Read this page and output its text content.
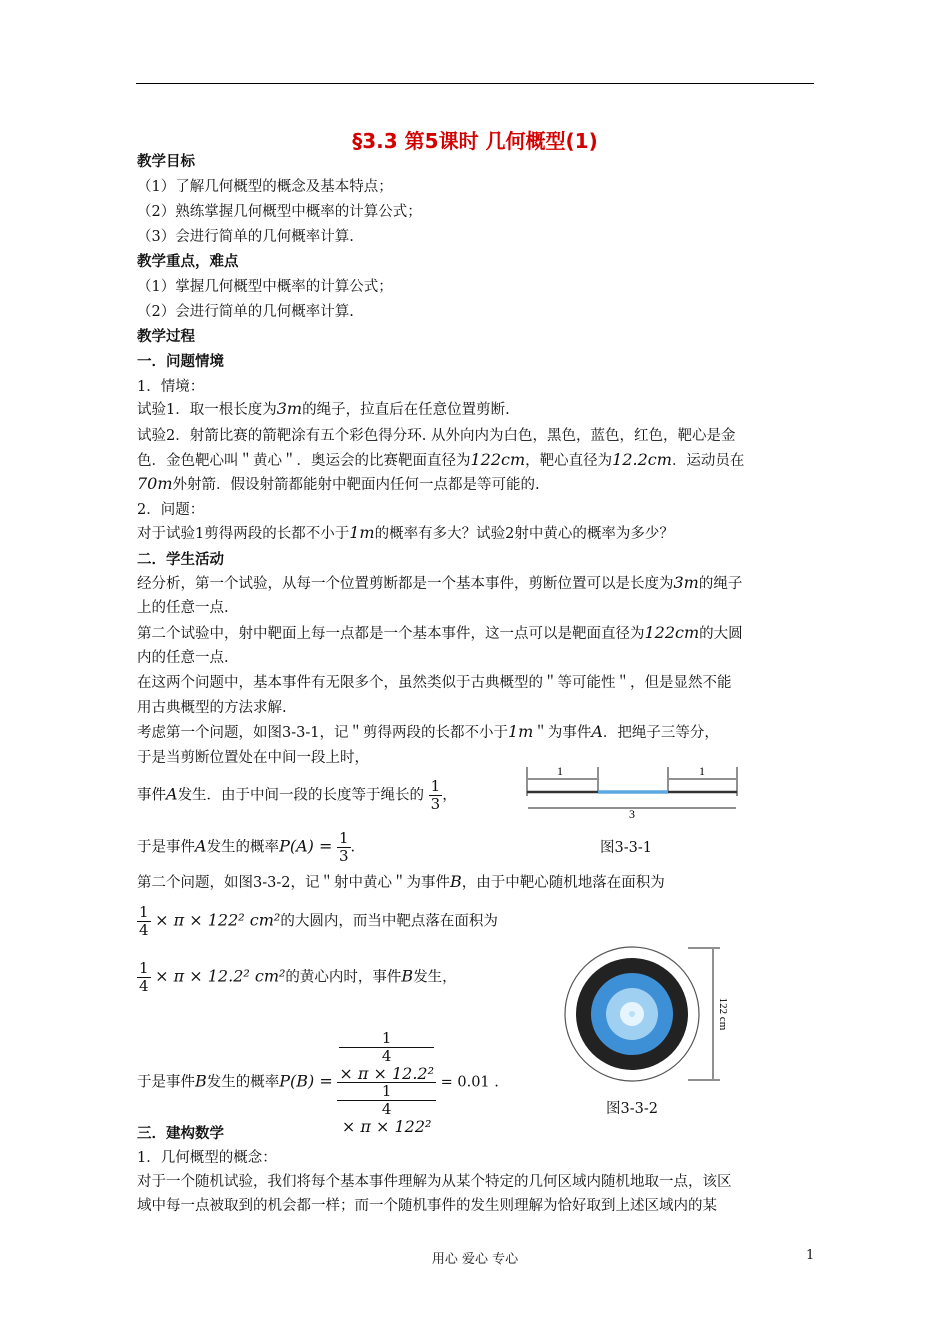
§3.3 第5课时 几何概型(1)
教学目标
（1）了解几何概型的概念及基本特点；
（2）熟练掌握几何概型中概率的计算公式；
（3）会进行简单的几何概率计算.
教学重点，难点
（1）掌握几何概型中概率的计算公式；
（2）会进行简单的几何概率计算.
教学过程
一．问题情境
1．情境：
试验1．取一根长度为3m的绳子，拉直后在任意位置剪断.
试验2．射箭比赛的箭靶涂有五个彩色得分环. 从外向内为白色，黑色，蓝色，红色，靶心是金
色．金色靶心叫＂黄心＂．奥运会的比赛靶面直径为122cm，靶心直径为12.2cm．运动员在
70m外射箭．假设射箭都能射中靶面内任何一点都是等可能的.
2．问题：
对于试验1剪得两段的长都不小于1m的概率有多大？试验2射中黄心的概率为多少？
二．学生活动
经分析，第一个试验，从每一个位置剪断都是一个基本事件，剪断位置可以是长度为3m的绳子
上的任意一点.
第二个试验中，射中靶面上每一点都是一个基本事件，这一点可以是靶面直径为122cm的大圆
内的任意一点.
在这两个问题中，基本事件有无限多个，虽然类似于古典概型的＂等可能性＂，但是显然不能
用古典概型的方法求解.
考虑第一个问题，如图3-3-1，记＂剪得两段的长都不小于1m＂为事件A．把绳子三等分，
于是当剪断位置处在中间一段上时，
事件A发生．由于中间一段的长度等于绳长的 $\frac{1}{3}$ ，
于是事件A发生的概率$P(A) = \frac{1}{3}$ .
1	1
3
图3-3-1
第二个问题，如图3-3-2，记＂射中黄心＂为事件B，由于中靶心随机地落在面积为
$\frac{1}{4} \times \pi \times 122^2$ cm²的大圆内，而当中靶点落在面积为
$\frac{1}{4} \times \pi \times 12.2^2$ cm²的黄心内时，事件B发生，
于是事件B发生的概率P(B) = 1
4
× π × 12.2²
1
4
× π × 122² = 0.01 .
122 cm
图3-3-2
三．建构数学
1．几何概型的概念：
对于一个随机试验，我们将每个基本事件理解为从某个特定的几何区域内随机地取一点，该区
域中每一点被取到的机会都一样；而一个随机事件的发生则理解为恰好取到上述区域内的某
用心 爱心 专心	1
